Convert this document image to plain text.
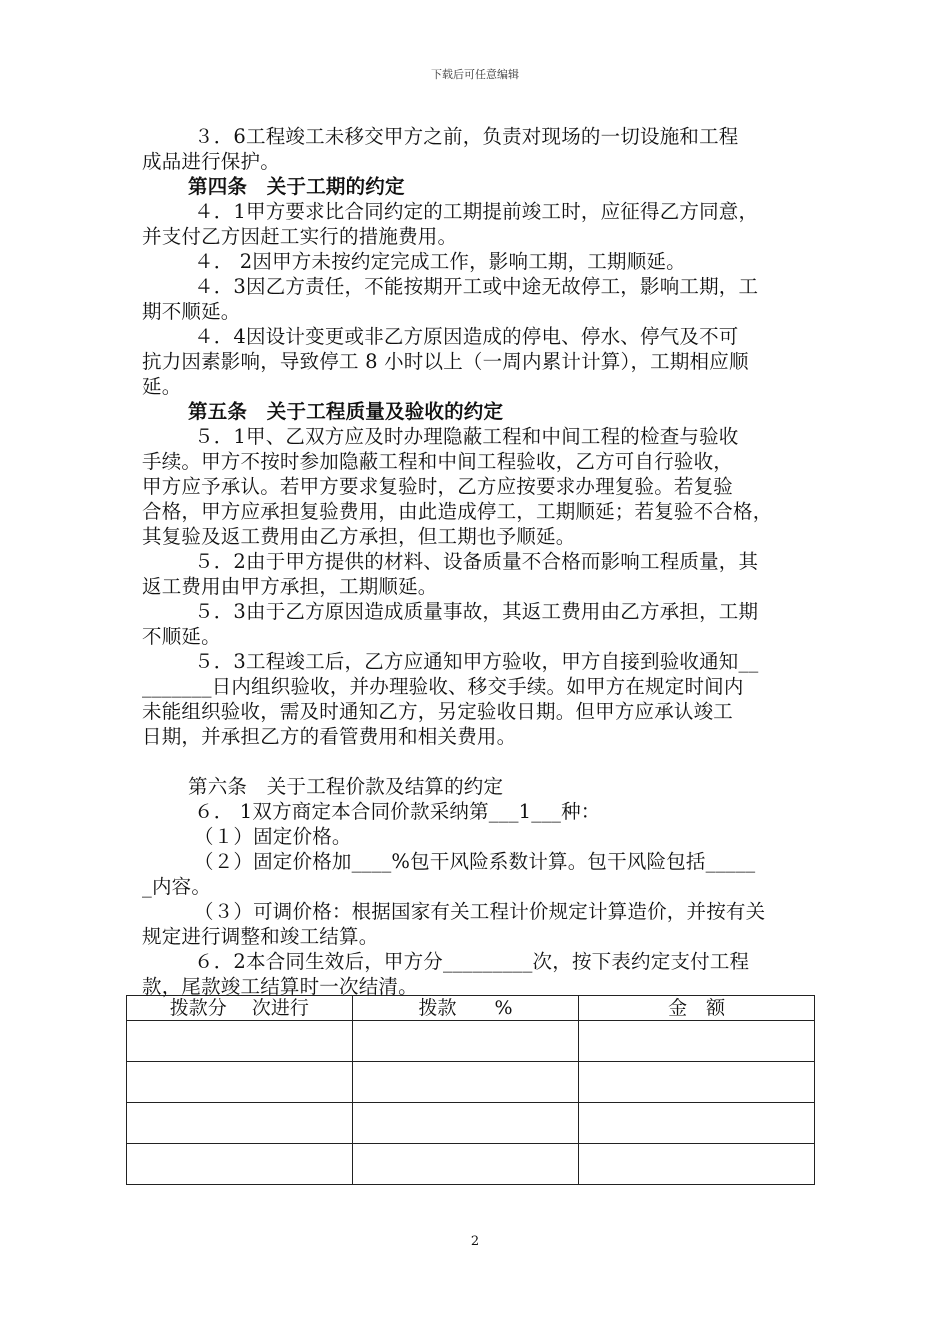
下载后可任意编辑
３．6工程竣工未移交甲方之前，负责对现场的一切设施和工程
成品进行保护。
第四条　关于工期的约定
４．1甲方要求比合同约定的工期提前竣工时，应征得乙方同意，
并支付乙方因赶工实行的措施费用。
４． 2因甲方未按约定完成工作，影响工期，工期顺延。
４．3因乙方责任，不能按期开工或中途无故停工，影响工期，工
期不顺延。
４．4因设计变更或非乙方原因造成的停电、停水、停气及不可
抗力因素影响，导致停工 8 小时以上（一周内累计计算），工期相应顺
延。
第五条　关于工程质量及验收的约定
５．1甲、乙双方应及时办理隐蔽工程和中间工程的检查与验收
手续。甲方不按时参加隐蔽工程和中间工程验收，乙方可自行验收，
甲方应予承认。若甲方要求复验时，乙方应按要求办理复验。若复验
合格，甲方应承担复验费用，由此造成停工，工期顺延；若复验不合格，
其复验及返工费用由乙方承担，但工期也予顺延。
５．2由于甲方提供的材料、设备质量不合格而影响工程质量，其
返工费用由甲方承担，工期顺延。
５．3由于乙方原因造成质量事故，其返工费用由乙方承担，工期
不顺延。
５．3工程竣工后，乙方应通知甲方验收，甲方自接到验收通知__
_______日内组织验收，并办理验收、移交手续。如甲方在规定时间内
未能组织验收，需及时通知乙方，另定验收日期。但甲方应承认竣工
日期，并承担乙方的看管费用和相关费用。
第六条　关于工程价款及结算的约定
６． 1双方商定本合同价款采纳第___1___种：
（１）固定价格。
（２）固定价格加____%包干风险系数计算。包干风险包括_____
_内容。
（３）可调价格：根据国家有关工程计价规定计算造价，并按有关
规定进行调整和竣工结算。
６．2本合同生效后，甲方分_________次，按下表约定支付工程
款，尾款竣工结算时一次结清。
拨款分　 次进行	拨款　　%	金　额

2
